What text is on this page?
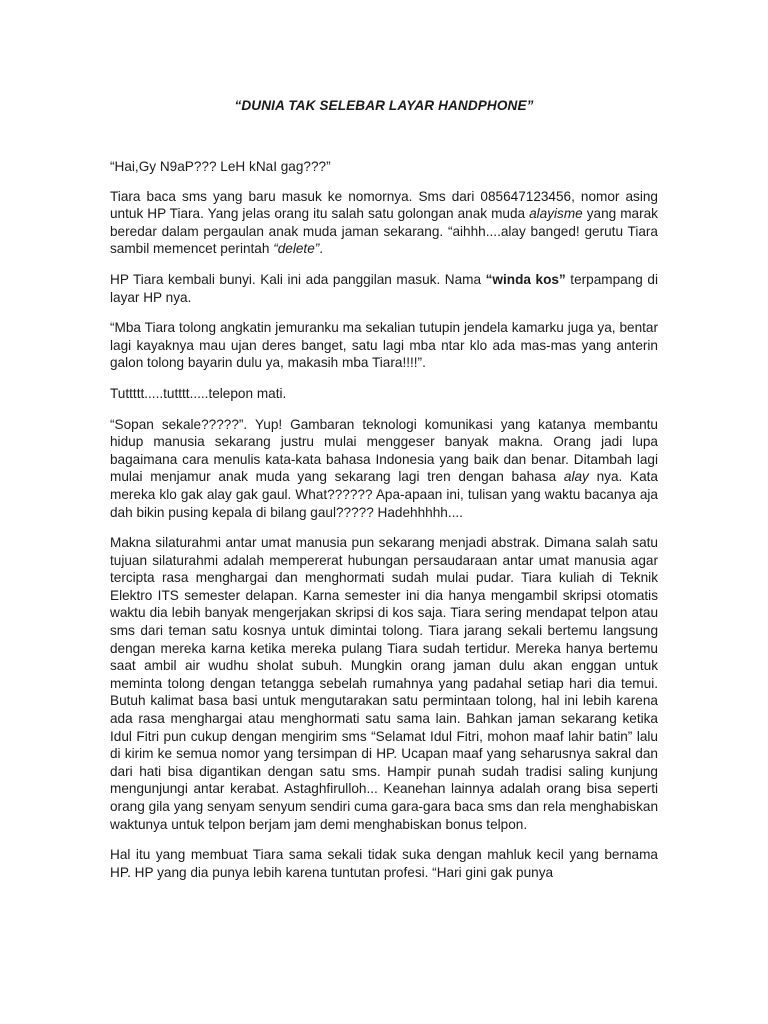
“DUNIA TAK SELEBAR LAYAR HANDPHONE”

“Hai,Gy N9aP??? LeH kNaI gag???”

Tiara baca sms yang baru masuk ke nomornya. Sms dari 085647123456, nomor asing untuk HP Tiara. Yang jelas orang itu salah satu golongan anak muda alayisme yang marak beredar dalam pergaulan anak muda jaman sekarang. “aihhh....alay banged! gerutu Tiara sambil memencet perintah “delete”.

HP Tiara kembali bunyi. Kali ini ada panggilan masuk. Nama “winda kos” terpampang di layar HP nya.

“Mba Tiara tolong angkatin jemuranku ma sekalian tutupin jendela kamarku juga ya, bentar lagi kayaknya mau ujan deres banget, satu lagi mba ntar klo ada mas-mas yang anterin galon tolong bayarin dulu ya, makasih mba Tiara!!!!”.

Tuttttt.....tutttt.....telepon mati.

“Sopan sekale?????”. Yup! Gambaran teknologi komunikasi yang katanya membantu hidup manusia sekarang justru mulai menggeser banyak makna. Orang jadi lupa bagaimana cara menulis kata-kata bahasa Indonesia yang baik dan benar. Ditambah lagi mulai menjamur anak muda yang sekarang lagi tren dengan bahasa alay nya. Kata mereka klo gak alay gak gaul. What?????? Apa-apaan ini, tulisan yang waktu bacanya aja dah bikin pusing kepala di bilang gaul????? Hadehhhhh....

Makna silaturahmi antar umat manusia pun sekarang menjadi abstrak. Dimana salah satu tujuan silaturahmi adalah mempererat hubungan persaudaraan antar umat manusia agar tercipta rasa menghargai dan menghormati sudah mulai pudar. Tiara kuliah di Teknik Elektro ITS semester delapan. Karna semester ini dia hanya mengambil skripsi otomatis waktu dia lebih banyak mengerjakan skripsi di kos saja. Tiara sering mendapat telpon atau sms dari teman satu kosnya untuk dimintai tolong. Tiara jarang sekali bertemu langsung dengan mereka karna ketika mereka pulang Tiara sudah tertidur. Mereka hanya bertemu saat ambil air wudhu sholat subuh. Mungkin orang jaman dulu akan enggan untuk meminta tolong dengan tetangga sebelah rumahnya yang padahal setiap hari dia temui. Butuh kalimat basa basi untuk mengutarakan satu permintaan tolong, hal ini lebih karena ada rasa menghargai atau menghormati satu sama lain. Bahkan jaman sekarang ketika Idul Fitri pun cukup dengan mengirim sms “Selamat Idul Fitri, mohon maaf lahir batin” lalu di kirim ke semua nomor yang tersimpan di HP. Ucapan maaf yang seharusnya sakral dan dari hati bisa digantikan dengan satu sms. Hampir punah sudah tradisi saling kunjung mengunjungi antar kerabat. Astaghfirulloh... Keanehan lainnya adalah orang bisa seperti orang gila yang senyam senyum sendiri cuma gara-gara baca sms dan rela menghabiskan waktunya untuk telpon berjam jam demi menghabiskan bonus telpon.

Hal itu yang membuat Tiara sama sekali tidak suka dengan mahluk kecil yang bernama HP. HP yang dia punya lebih karena tuntutan profesi. “Hari gini gak punya
